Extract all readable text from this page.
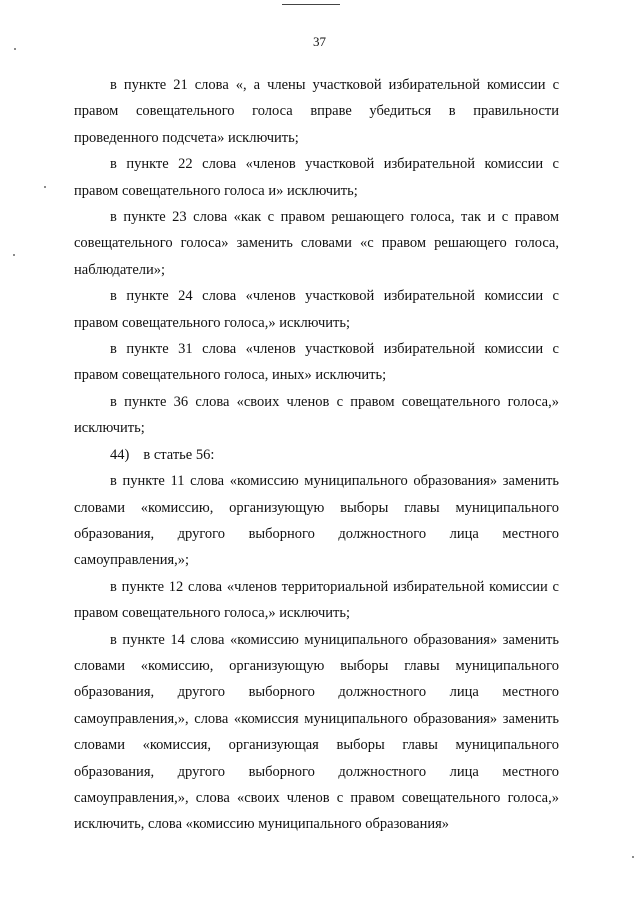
37

в пункте 21 слова «, а члены участковой избирательной комиссии с правом совещательного голоса вправе убедиться в правильности проведенного подсчета» исключить;

в пункте 22 слова «членов участковой избирательной комиссии с правом совещательного голоса и» исключить;

в пункте 23 слова «как с правом решающего голоса, так и с правом совещательного голоса» заменить словами «с правом решающего голоса, наблюдатели»;

в пункте 24 слова «членов участковой избирательной комиссии с правом совещательного голоса,» исключить;

в пункте 31 слова «членов участковой избирательной комиссии с правом совещательного голоса, иных» исключить;

в пункте 36 слова «своих членов с правом совещательного голоса,» исключить;

44) в статье 56:

в пункте 11 слова «комиссию муниципального образования» заменить словами «комиссию, организующую выборы главы муниципального образования, другого выборного должностного лица местного самоуправления,»;

в пункте 12 слова «членов территориальной избирательной комиссии с правом совещательного голоса,» исключить;

в пункте 14 слова «комиссию муниципального образования» заменить словами «комиссию, организующую выборы главы муниципального образования, другого выборного должностного лица местного самоуправления,», слова «комиссия муниципального образования» заменить словами «комиссия, организующая выборы главы муниципального образования, другого выборного должностного лица местного самоуправления,», слова «своих членов с правом совещательного голоса,» исключить, слова «комиссию муниципального образования»
